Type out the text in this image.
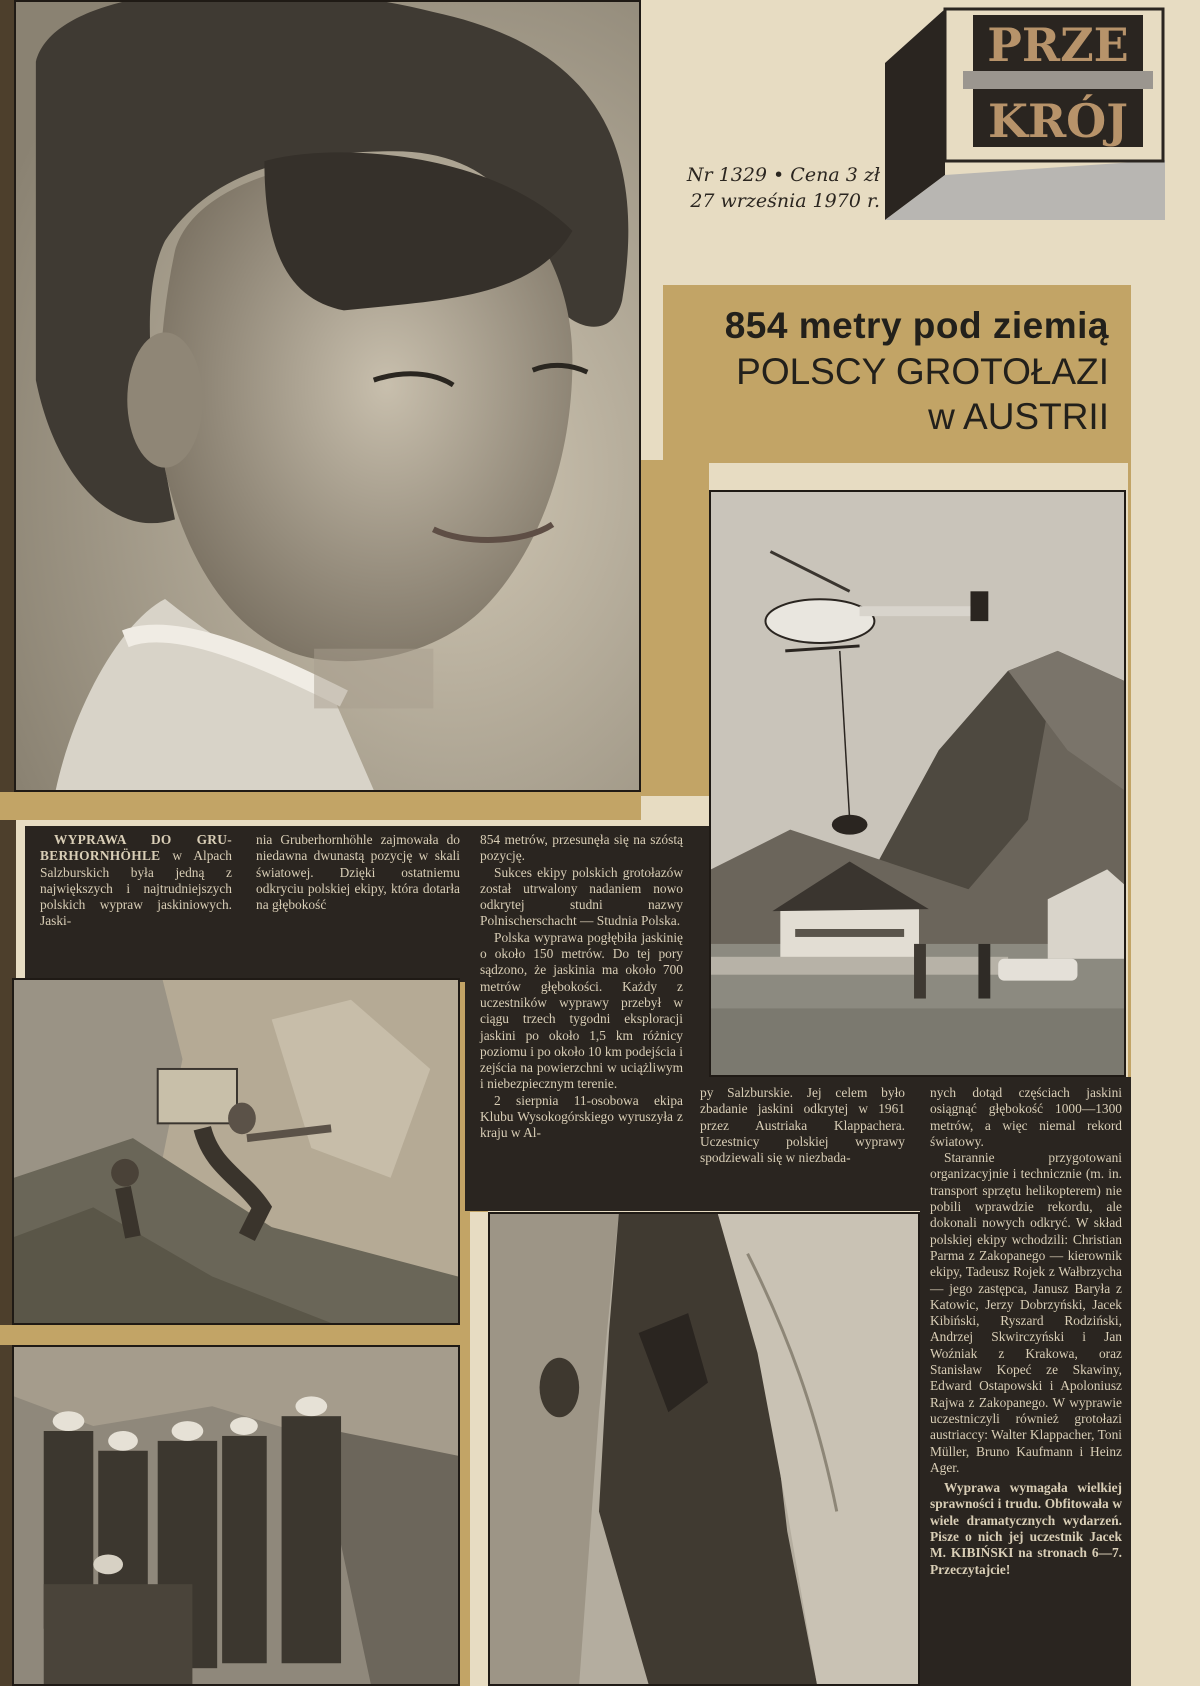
PRZE
KRÓJ
Nr 1329 • Cena 3 zł
27 września 1970 r.
854 metry pod ziemią
POLSCY GROTOŁAZI
w AUSTRII

WYPRAWA DO GRU-BERHORNHÖHLE w Alpach Salzburskich była jedną z największych i najtrudniejszych polskich wypraw jaskiniowych. Jaski-

nia Gruberhornhöhle zajmowała do niedawna dwunastą pozycję w skali światowej. Dzięki ostatniemu odkryciu polskiej ekipy, która dotarła na głębokość

854 metrów, przesunęła się na szóstą pozycję.

Sukces ekipy polskich grotołazów został utrwalony nadaniem nowo odkrytej studni nazwy Polnischerschacht — Studnia Polska.

Polska wyprawa pogłębiła jaskinię o około 150 metrów. Do tej pory sądzono, że jaskinia ma około 700 metrów głębokości. Każdy z uczestników wyprawy przebył w ciągu trzech tygodni eksploracji jaskini po około 1,5 km różnicy poziomu i po około 10 km podejścia i zejścia na powierzchni w uciążliwym i niebezpiecznym terenie.

2 sierpnia 11-osobowa ekipa Klubu Wysokogórskiego wyruszyła z kraju w Al-

py Salzburskie. Jej celem było zbadanie jaskini odkrytej w 1961 przez Austriaka Klappachera. Uczestnicy polskiej wyprawy spodziewali się w niezbada-

nych dotąd częściach jaskini osiągnąć głębokość 1000—1300 metrów, a więc niemal rekord światowy.

Starannie przygotowani organizacyjnie i technicznie (m. in. transport sprzętu helikopterem) nie pobili wprawdzie rekordu, ale dokonali nowych odkryć. W skład polskiej ekipy wchodzili: Christian Parma z Zakopanego — kierownik ekipy, Tadeusz Rojek z Wałbrzycha — jego zastępca, Janusz Baryła z Katowic, Jerzy Dobrzyński, Jacek Kibiński, Ryszard Rodziński, Andrzej Skwirczyński i Jan Woźniak z Krakowa, oraz Stanisław Kopeć ze Skawiny, Edward Ostapowski i Apoloniusz Rajwa z Zakopanego. W wyprawie uczestniczyli również grotołazi austriaccy: Walter Klappacher, Toni Müller, Bruno Kaufmann i Heinz Ager.

Wyprawa wymagała wielkiej sprawności i trudu. Obfitowała w wiele dramatycznych wydarzeń. Pisze o nich jej uczestnik Jacek M. KIBIŃSKI na stronach 6—7. Przeczytajcie!
